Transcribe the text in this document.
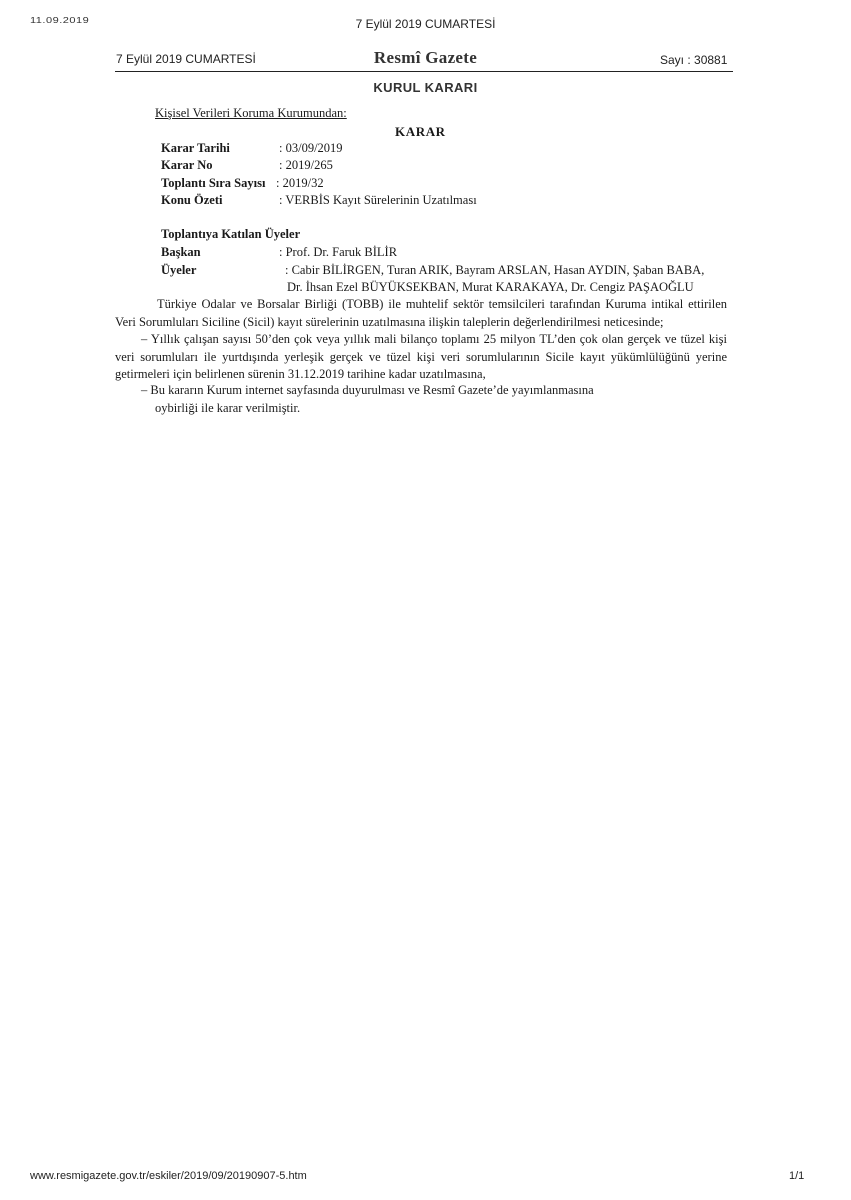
11.09.2019	7 Eylül 2019 CUMARTESİ
7 Eylül 2019 CUMARTESİ	Resmî Gazete	Sayı : 30881
KURUL KARARI
Kişisel Verileri Koruma Kurumundan:
KARAR
Karar Tarihi	: 03/09/2019
Karar No	: 2019/265
Toplantı Sıra Sayısı : 2019/32
Konu Özeti	: VERBİS Kayıt Sürelerinin Uzatılması
Toplantıya Katılan Üyeler
Başkan	: Prof. Dr. Faruk BİLİR
Üyeler	: Cabir BİLİRGEN, Turan ARIK, Bayram ARSLAN, Hasan AYDIN, Şaban BABA,
Dr. İhsan Ezel BÜYÜKSEKBAN, Murat KARAKAYA, Dr. Cengiz PAŞAOĞLU
Türkiye Odalar ve Borsalar Birliği (TOBB) ile muhtelif sektör temsilcileri tarafından Kuruma intikal ettirilen Veri Sorumluları Siciline (Sicil) kayıt sürelerinin uzatılmasına ilişkin taleplerin değerlendirilmesi neticesinde;
– Yıllık çalışan sayısı 50’den çok veya yıllık mali bilanço toplamı 25 milyon TL’den çok olan gerçek ve tüzel kişi veri sorumluları ile yurtdışında yerleşik gerçek ve tüzel kişi veri sorumlularının Sicile kayıt yükümlülüğünü yerine getirmeleri için belirlenen sürenin 31.12.2019 tarihine kadar uzatılmasına,
– Bu kararın Kurum internet sayfasında duyurulması ve Resmî Gazete’de yayımlanmasına
oybirliği ile karar verilmiştir.
www.resmigazete.gov.tr/eskiler/2019/09/20190907-5.htm	1/1
